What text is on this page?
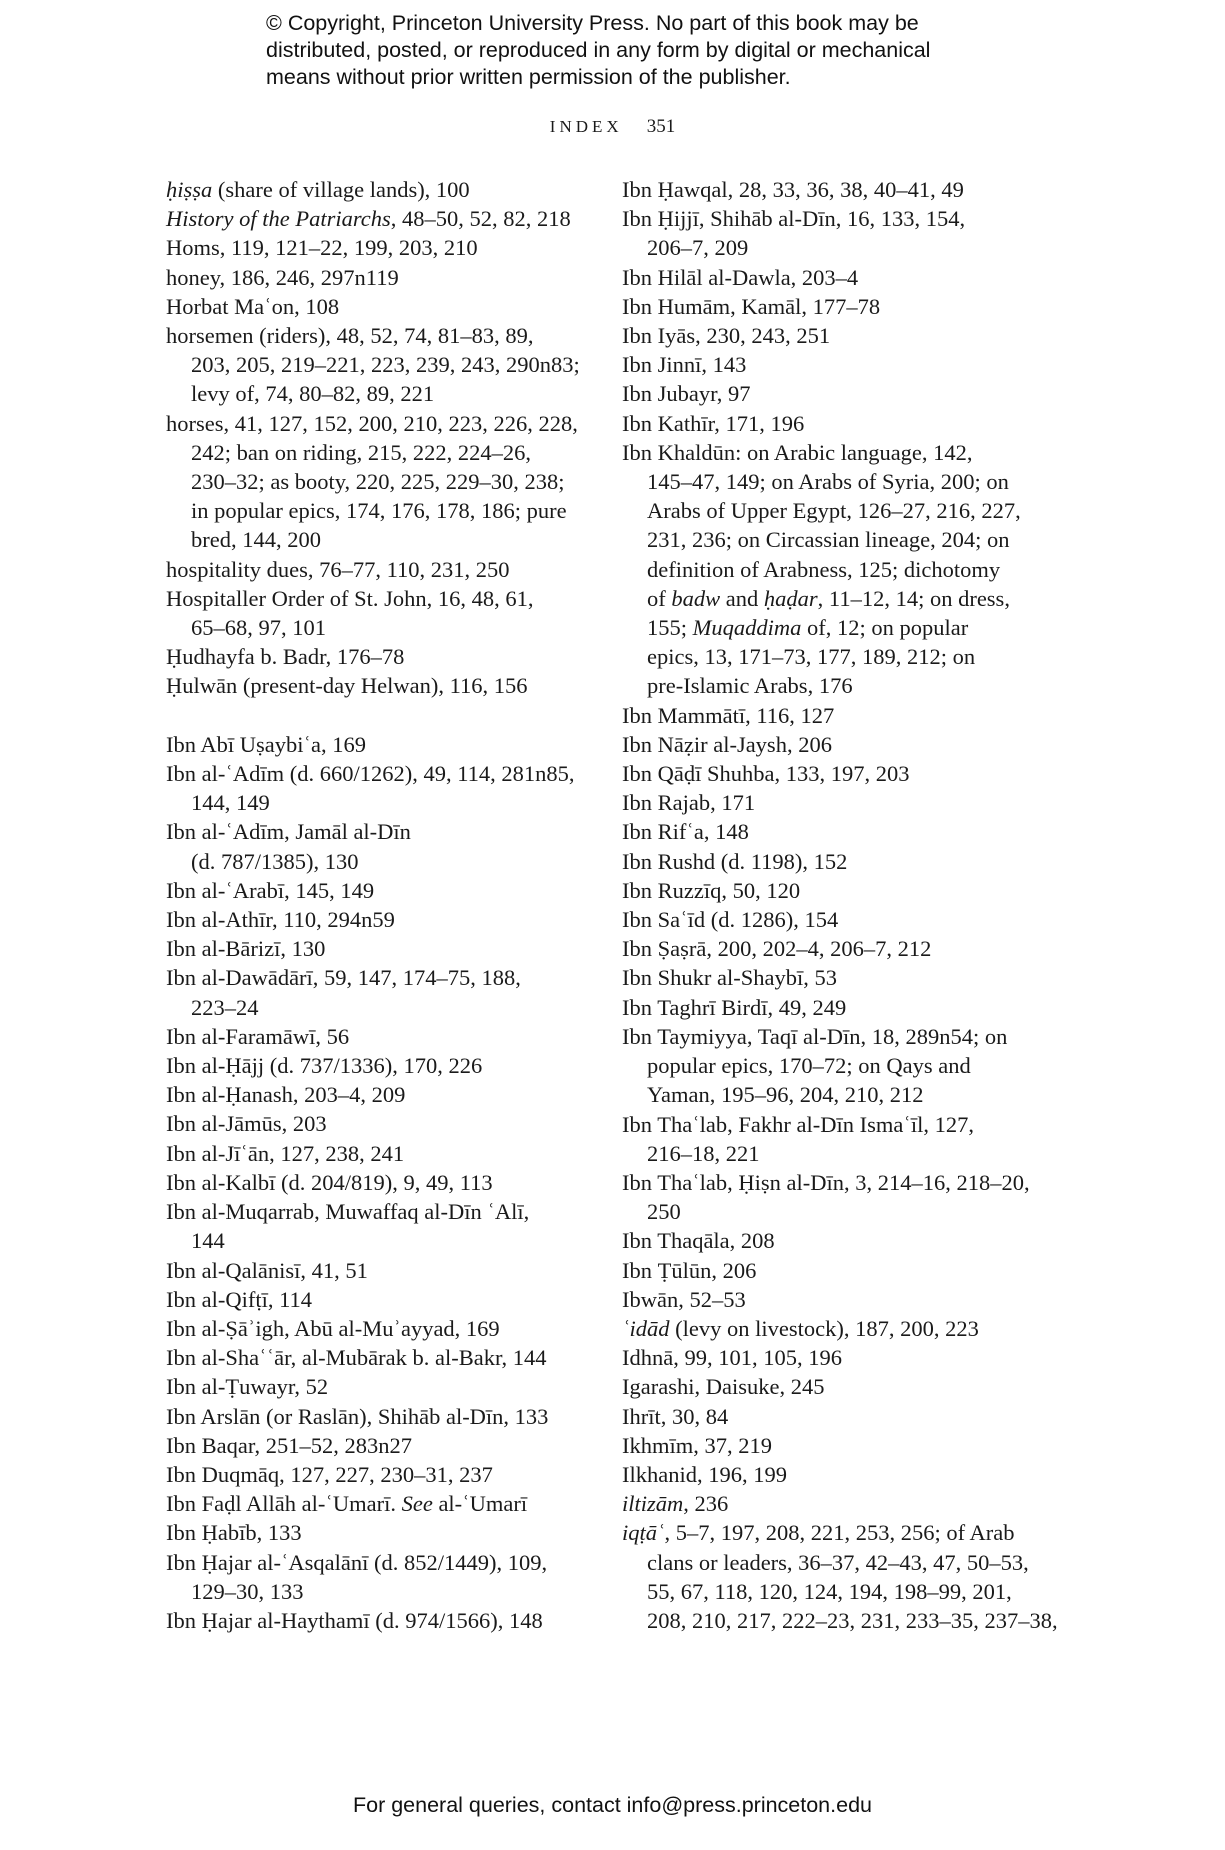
© Copyright, Princeton University Press. No part of this book may be
distributed, posted, or reproduced in any form by digital or mechanical
means without prior written permission of the publisher.
INDEX 351
ḥiṣṣa (share of village lands), 100
History of the Patriarchs, 48–50, 52, 82, 218
Homs, 119, 121–22, 199, 203, 210
honey, 186, 246, 297n119
Horbat Maʿon, 108
horsemen (riders), 48, 52, 74, 81–83, 89,
203, 205, 219–221, 223, 239, 243, 290n83;
levy of, 74, 80–82, 89, 221
horses, 41, 127, 152, 200, 210, 223, 226, 228,
242; ban on riding, 215, 222, 224–26,
230–32; as booty, 220, 225, 229–30, 238;
in popular epics, 174, 176, 178, 186; pure
bred, 144, 200
hospitality dues, 76–77, 110, 231, 250
Hospitaller Order of St. John, 16, 48, 61,
65–68, 97, 101
Ḥudhayfa b. Badr, 176–78
Ḥulwān (present-day Helwan), 116, 156
Ibn Abī Uṣaybiʿa, 169
Ibn al-ʿAdīm (d. 660/1262), 49, 114, 281n85,
144, 149
Ibn al-ʿAdīm, Jamāl al-Dīn
(d. 787/1385), 130
Ibn al-ʿArabī, 145, 149
Ibn al-Athīr, 110, 294n59
Ibn al-Bārizī, 130
Ibn al-Dawādārī, 59, 147, 174–75, 188,
223–24
Ibn al-Faramāwī, 56
Ibn al-Ḥājj (d. 737/1336), 170, 226
Ibn al-Ḥanash, 203–4, 209
Ibn al-Jāmūs, 203
Ibn al-Jīʿān, 127, 238, 241
Ibn al-Kalbī (d. 204/819), 9, 49, 113
Ibn al-Muqarrab, Muwaffaq al-Dīn ʿAlī,
144
Ibn al-Qalānisī, 41, 51
Ibn al-Qifṭī, 114
Ibn al-Ṣāʾigh, Abū al-Muʾayyad, 169
Ibn al-Shaʿʿār, al-Mubārak b. al-Bakr, 144
Ibn al-Ṭuwayr, 52
Ibn Arslān (or Raslān), Shihāb al-Dīn, 133
Ibn Baqar, 251–52, 283n27
Ibn Duqmāq, 127, 227, 230–31, 237
Ibn Faḍl Allāh al-ʿUmarī. See al-ʿUmarī
Ibn Ḥabīb, 133
Ibn Ḥajar al-ʿAsqalānī (d. 852/1449), 109,
129–30, 133
Ibn Ḥajar al-Haythamī (d. 974/1566), 148
Ibn Ḥawqal, 28, 33, 36, 38, 40–41, 49
Ibn Ḥijjī, Shihāb al-Dīn, 16, 133, 154,
206–7, 209
Ibn Hilāl al-Dawla, 203–4
Ibn Humām, Kamāl, 177–78
Ibn Iyās, 230, 243, 251
Ibn Jinnī, 143
Ibn Jubayr, 97
Ibn Kathīr, 171, 196
Ibn Khaldūn: on Arabic language, 142,
145–47, 149; on Arabs of Syria, 200; on
Arabs of Upper Egypt, 126–27, 216, 227,
231, 236; on Circassian lineage, 204; on
definition of Arabness, 125; dichotomy
of badw and ḥaḍar, 11–12, 14; on dress,
155; Muqaddima of, 12; on popular
epics, 13, 171–73, 177, 189, 212; on
pre-Islamic Arabs, 176
Ibn Mammātī, 116, 127
Ibn Nāẓir al-Jaysh, 206
Ibn Qāḍī Shuhba, 133, 197, 203
Ibn Rajab, 171
Ibn Rifʿa, 148
Ibn Rushd (d. 1198), 152
Ibn Ruzzīq, 50, 120
Ibn Saʿīd (d. 1286), 154
Ibn Ṣaṣrā, 200, 202–4, 206–7, 212
Ibn Shukr al-Shaybī, 53
Ibn Taghrī Birdī, 49, 249
Ibn Taymiyya, Taqī al-Dīn, 18, 289n54; on
popular epics, 170–72; on Qays and
Yaman, 195–96, 204, 210, 212
Ibn Thaʿlab, Fakhr al-Dīn Ismaʿīl, 127,
216–18, 221
Ibn Thaʿlab, Ḥiṣn al-Dīn, 3, 214–16, 218–20,
250
Ibn Thaqāla, 208
Ibn Ṭūlūn, 206
Ibwān, 52–53
ʿidād (levy on livestock), 187, 200, 223
Idhnā, 99, 101, 105, 196
Igarashi, Daisuke, 245
Ihrīt, 30, 84
Ikhmīm, 37, 219
Ilkhanid, 196, 199
iltizām, 236
iqṭāʿ, 5–7, 197, 208, 221, 253, 256; of Arab
clans or leaders, 36–37, 42–43, 47, 50–53,
55, 67, 118, 120, 124, 194, 198–99, 201,
208, 210, 217, 222–23, 231, 233–35, 237–38,
For general queries, contact info@press.princeton.edu
